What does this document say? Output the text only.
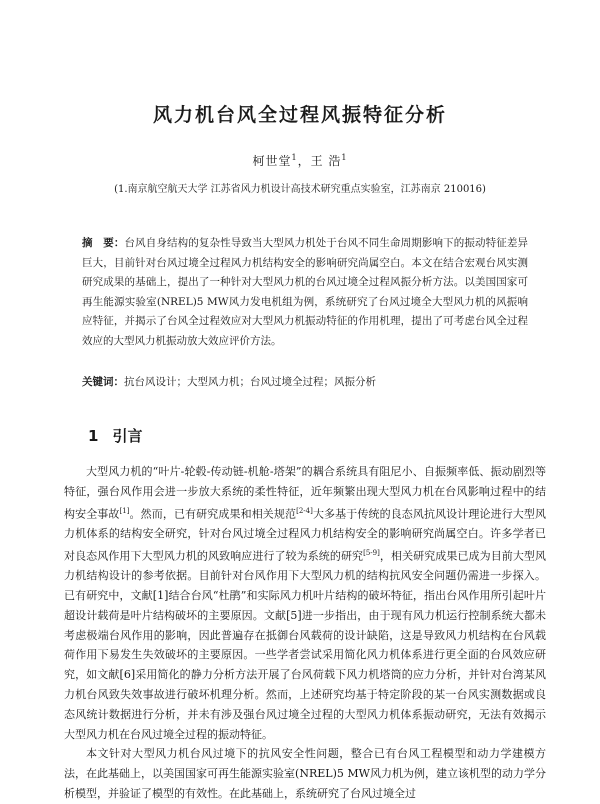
风力机台风全过程风振特征分析
柯世堂$^1$，王 浩$^1$
(1.南京航空航天大学 江苏省风力机设计高技术研究重点实验室，江苏南京 210016)
摘　要：台风自身结构的复杂性导致当大型风力机处于台风不同生命周期影响下的振动特征差异巨大，目前针对台风过境全过程风力机结构安全的影响研究尚属空白。本文在结合宏观台风实测研究成果的基础上，提出了一种针对大型风力机的台风过境全过程风振分析方法。以美国国家可再生能源实验室(NREL)5 MW风力发电机组为例，系统研究了台风过境全大型风力机的风振响应特征，并揭示了台风全过程效应对大型风力机振动特征的作用机理，提出了可考虑台风全过程效应的大型风力机振动放大效应评价方法。
关键词：抗台风设计；大型风力机；台风过境全过程；风振分析
1 引言

大型风力机的“叶片-轮毂-传动链-机舱-塔架”的耦合系统具有阻尼小、自振频率低、振动剧烈等特征，强台风作用会进一步放大系统的柔性特征，近年频繁出现大型风力机在台风影响过程中的结构安全事故[1]。然而，已有研究成果和相关规范[2-4]大多基于传统的良态风抗风设计理论进行大型风力机体系的结构安全研究，针对台风过境全过程风力机结构安全的影响研究尚属空白。许多学者已对良态风作用下大型风力机的风致响应进行了较为系统的研究[5-9]，相关研究成果已成为目前大型风力机结构设计的参考依据。目前针对台风作用下大型风力机的结构抗风安全问题仍需进一步探入。已有研究中，文献[1]结合台风“杜鹃”和实际风力机叶片结构的破坏特征，指出台风作用所引起叶片超设计载荷是叶片结构破坏的主要原因。文献[5]进一步指出，由于现有风力机运行控制系统大都未考虑极端台风作用的影响，因此普遍存在抵御台风载荷的设计缺陷，这是导致风力机结构在台风载荷作用下易发生失效破坏的主要原因。一些学者尝试采用简化风力机体系进行更全面的台风效应研究，如文献[6]采用简化的静力分析方法开展了台风荷载下风力机塔筒的应力分析，并针对台湾某风力机台风致失效事故进行破坏机理分析。然而，上述研究均基于特定阶段的某一台风实测数据或良态风统计数据进行分析，并未有涉及强台风过境全过程的大型风力机体系振动研究，无法有效揭示大型风力机在台风过境全过程的振动特征。

本文针对大型风力机台风过境下的抗风安全性问题，整合已有台风工程模型和动力学建模方法，在此基础上，以美国国家可再生能源实验室(NREL)5 MW风力机为例，建立该机型的动力学分析模型，并验证了模型的有效性。在此基础上，系统研究了台风过境全过
